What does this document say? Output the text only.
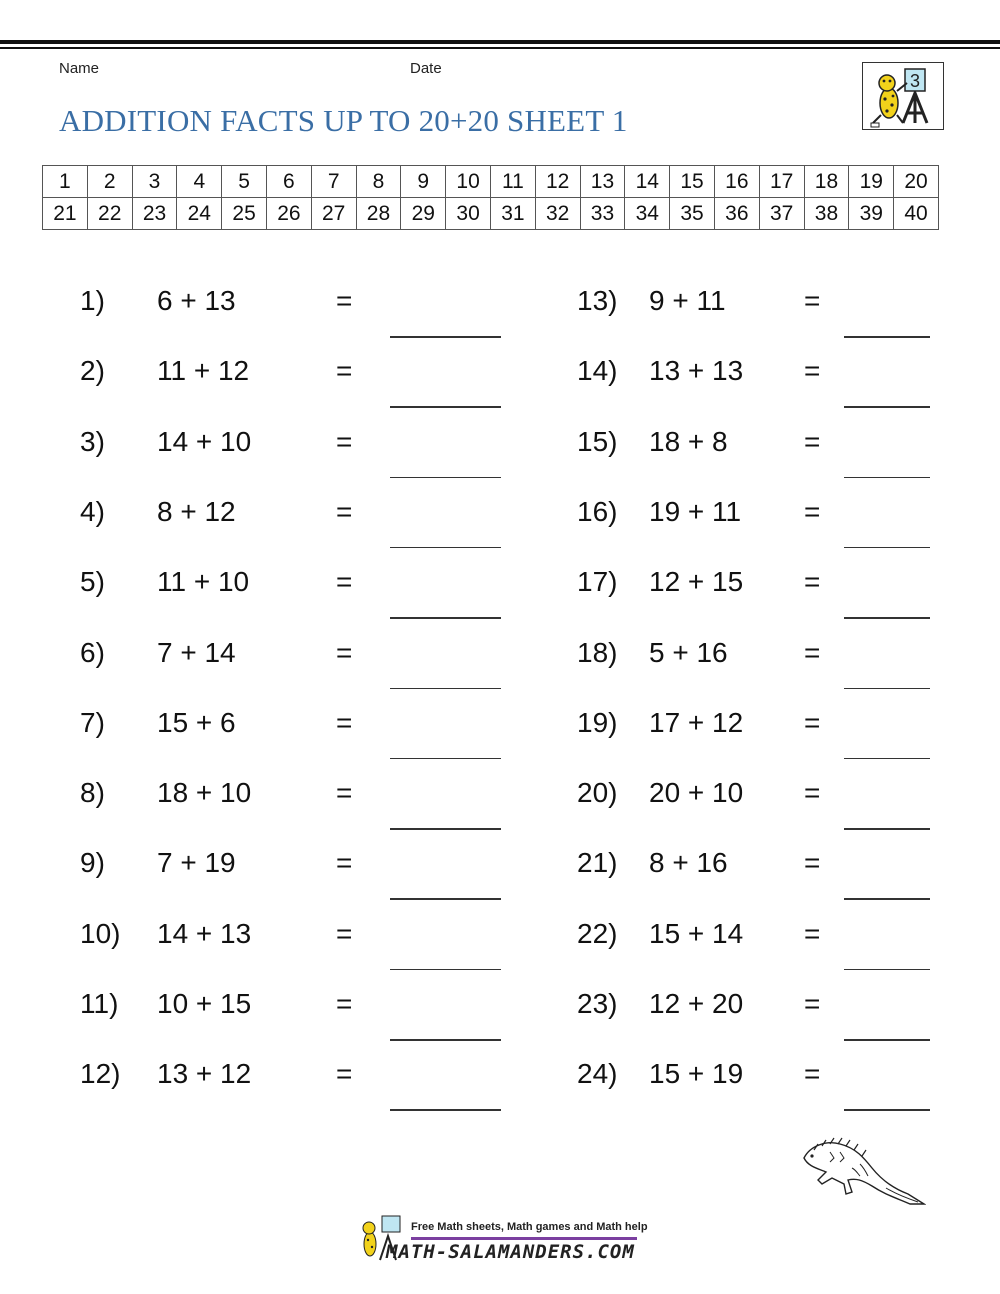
Name	Date
ADDITION FACTS UP TO 20+20 SHEET 1
3
1	2	3	4	5	6	7	8	9	10	11	12	13	14	15	16	17	18	19	20
21	22	23	24	25	26	27	28	29	30	31	32	33	34	35	36	37	38	39	40
1) 6 + 13	=
2) 11 + 12	=
3) 14 + 10	=
4) 8 + 12	=
5) 11 + 10	=
6) 7 + 14	=
7) 15 + 6	=
8) 18 + 10	=
9) 7 + 19	=
10) 14 + 13	=
11) 10 + 15	=
12) 13 + 12	=
13) 9 + 11	=
14) 13 + 13 =
15) 18 + 8	=
16) 19 + 11 =
17) 12 + 15 =
18) 5 + 16	=
19) 17 + 12 =
20) 20 + 10 =
21) 8 + 16	=
22) 15 + 14 =
23) 12 + 20 =
24) 15 + 19 =
Free Math sheets, Math games and Math help
MATH-SALAMANDERS.COM
